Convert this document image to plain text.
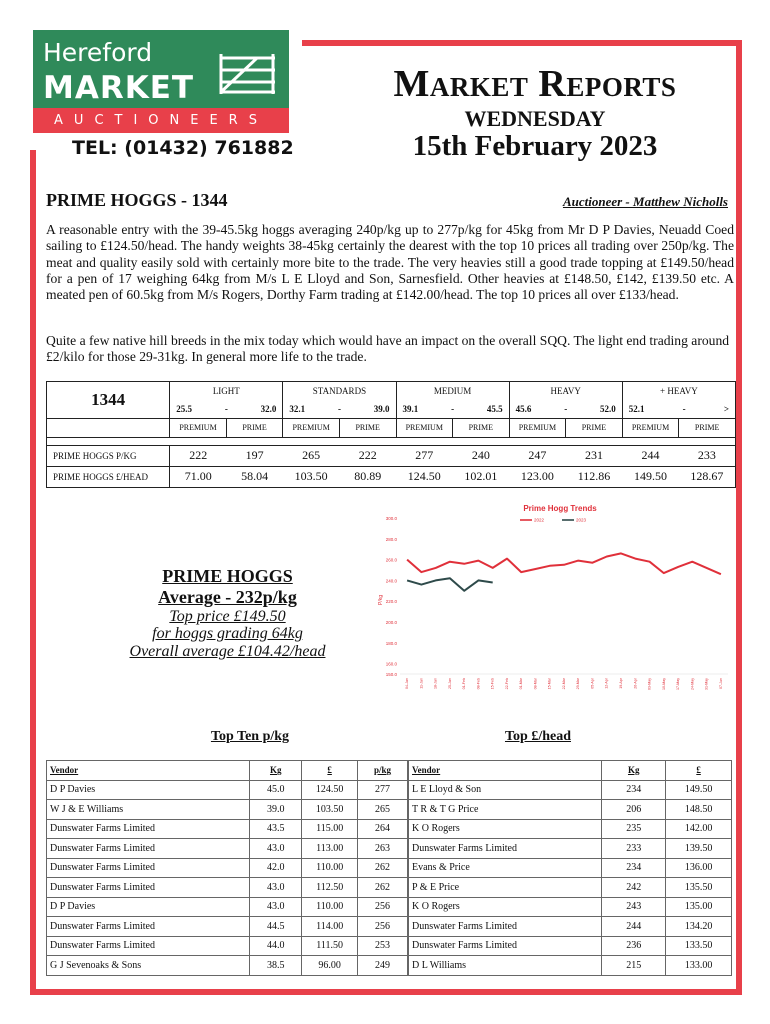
Hereford
MARKET
AUCTIONEERS
TEL: (01432) 761882
Market Reports
WEDNESDAY
15th February 2023
PRIME HOGGS - 1344	Auctioneer - Matthew Nicholls

A reasonable entry with the 39-45.5kg hoggs averaging 240p/kg up to 277p/kg for 45kg from Mr D P Davies, Neuadd Coed sailing to £124.50/head. The handy weights 38-45kg certainly the dearest with the top 10 prices all trading over 250p/kg. The meat and quality easily sold with certainly more bite to the trade. The very heavies still a good trade topping at £149.50/head for a pen of 17 weighing 64kg from M/s L E Lloyd and Son, Sarnesfield. Other heavies at £148.50, £142, £139.50 etc. A meated pen of 60.5kg from M/s Rogers, Dorthy Farm trading at £142.00/head. The top 10 prices all over £133/head.

Quite a few native hill breeds in the mix today which would have an impact on the overall SQQ. The light end trading around £2/kilo for those 29-31kg. In general more life to the trade.

1344	LIGHT		STANDARDS		MEDIUM		HEAVY		+ HEAVY	

	25.5 - 32.0		32.1 - 39.0		39.1 - 45.5		45.6 - 52.0		52.1 - >	

	PREMIUM	PRIME	PREMIUM	PRIME	PREMIUM	PRIME	PREMIUM	PRIME	PREMIUM	PRIME

PRIME HOGGS P/KG	222	197	265	222	277	240	247	231	244	233
PRIME HOGGS £/HEAD	71.00	58.04	103.50	80.89	124.50	102.01	123.00	112.86	149.50	128.67
Prime Hogg Trends
2022	2023
300.0
280.0
260.0
240.0
220.0
200.0
180.0
160.0
150.0
P/kg
04-Jan	11-Jan	18-Jan	25-Jan	01-Feb	08-Feb	15-Feb	22-Feb	01-Mar	08-Mar	15-Mar	22-Mar	29-Mar	05-Apr	12-Apr	19-Apr	26-Apr	03-May	10-May	17-May	24-May	31-May	07-Jun
PRIME HOGGS
Average - 232p/kg
Top price £149.50
for hoggs grading 64kg
Overall average £104.42/head
Top Ten p/kg	Top £/head
Vendor	Kg	£	p/kg
D P Davies	45.0	124.50	277
W J & E Williams	39.0	103.50	265
Dunswater Farms Limited	43.5	115.00	264
Dunswater Farms Limited	43.0	113.00	263
Dunswater Farms Limited	42.0	110.00	262
Dunswater Farms Limited	43.0	112.50	262
D P Davies	43.0	110.00	256
Dunswater Farms Limited	44.5	114.00	256
Dunswater Farms Limited	44.0	111.50	253
G J Sevenoaks & Sons	38.5	96.00	249
Vendor	Kg	£
L E Lloyd & Son	234	149.50
T R & T G Price	206	148.50
K O Rogers	235	142.00
Dunswater Farms Limited	233	139.50
Evans & Price	234	136.00
P & E Price	242	135.50
K O Rogers	243	135.00
Dunswater Farms Limited	244	134.20
Dunswater Farms Limited	236	133.50
D L Williams	215	133.00
